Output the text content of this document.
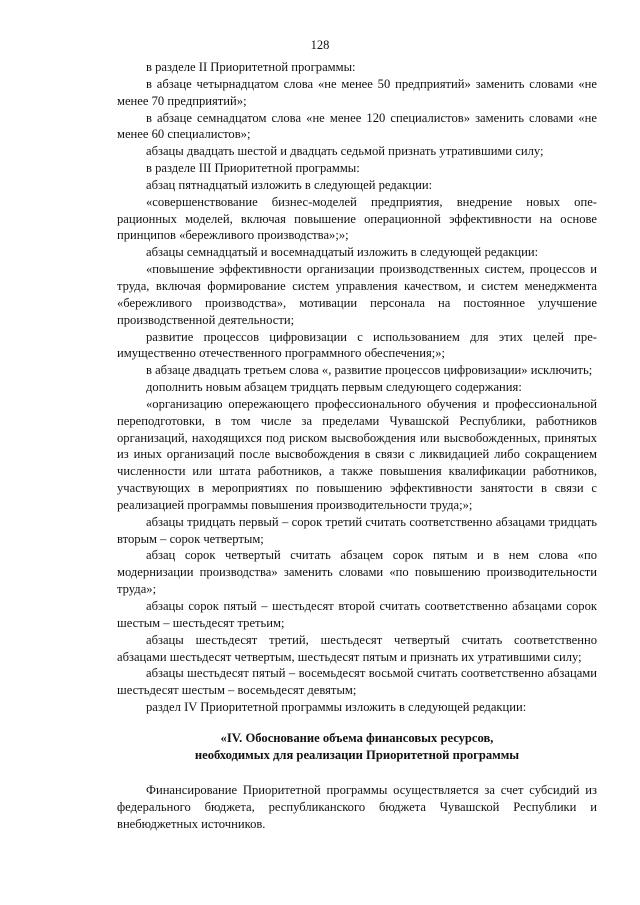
128

в разделе II Приоритетной программы:

в абзаце четырнадцатом слова «не менее 50 предприятий» заменить словами «не менее 70 предприятий»;

в абзаце семнадцатом слова «не менее 120 специалистов» заменить словами «не менее 60 специалистов»;

абзацы двадцать шестой и двадцать седьмой признать утратившими силу;

в разделе III Приоритетной программы:

абзац пятнадцатый изложить в следующей редакции:

«совершенствование бизнес-моделей предприятия, внедрение новых операционных моделей, включая повышение операционной эффективности на основе принципов «бережливого производства»;»;

абзацы семнадцатый и восемнадцатый изложить в следующей редакции:

«повышение эффективности организации производственных систем, процессов и труда, включая формирование систем управления качеством, и систем менеджмента «бережливого производства», мотивации персонала на постоянное улучшение производственной деятельности;

развитие процессов цифровизации с использованием для этих целей преимущественно отечественного программного обеспечения;»;

в абзаце двадцать третьем слова «, развитие процессов цифровизации» исключить;

дополнить новым абзацем тридцать первым следующего содержания:

«организацию опережающего профессионального обучения и профессиональной переподготовки, в том числе за пределами Чувашской Республики, работников организаций, находящихся под риском высвобождения или высвобожденных, принятых из иных организаций после высвобождения в связи с ликвидацией либо сокращением численности или штата работников, а также повышения квалификации работников, участвующих в мероприятиях по повышению эффективности занятости в связи с реализацией программы повышения производительности труда;»;

абзацы тридцать первый – сорок третий считать соответственно абзацами тридцать вторым – сорок четвертым;

абзац сорок четвертый считать абзацем сорок пятым и в нем слова «по модернизации производства» заменить словами «по повышению производительности труда»;

абзацы сорок пятый – шестьдесят второй считать соответственно абзацами сорок шестым – шестьдесят третьим;

абзацы шестьдесят третий, шестьдесят четвертый считать соответственно абзацами шестьдесят четвертым, шестьдесят пятым и признать их утратившими силу;

абзацы шестьдесят пятый – восемьдесят восьмой считать соответственно абзацами шестьдесят шестым – восемьдесят девятым;

раздел IV Приоритетной программы изложить в следующей редакции:

«IV. Обоснование объема финансовых ресурсов,

необходимых для реализации Приоритетной программы

Финансирование Приоритетной программы осуществляется за счет субсидий из федерального бюджета, республиканского бюджета Чувашской Республики и внебюджетных источников.
